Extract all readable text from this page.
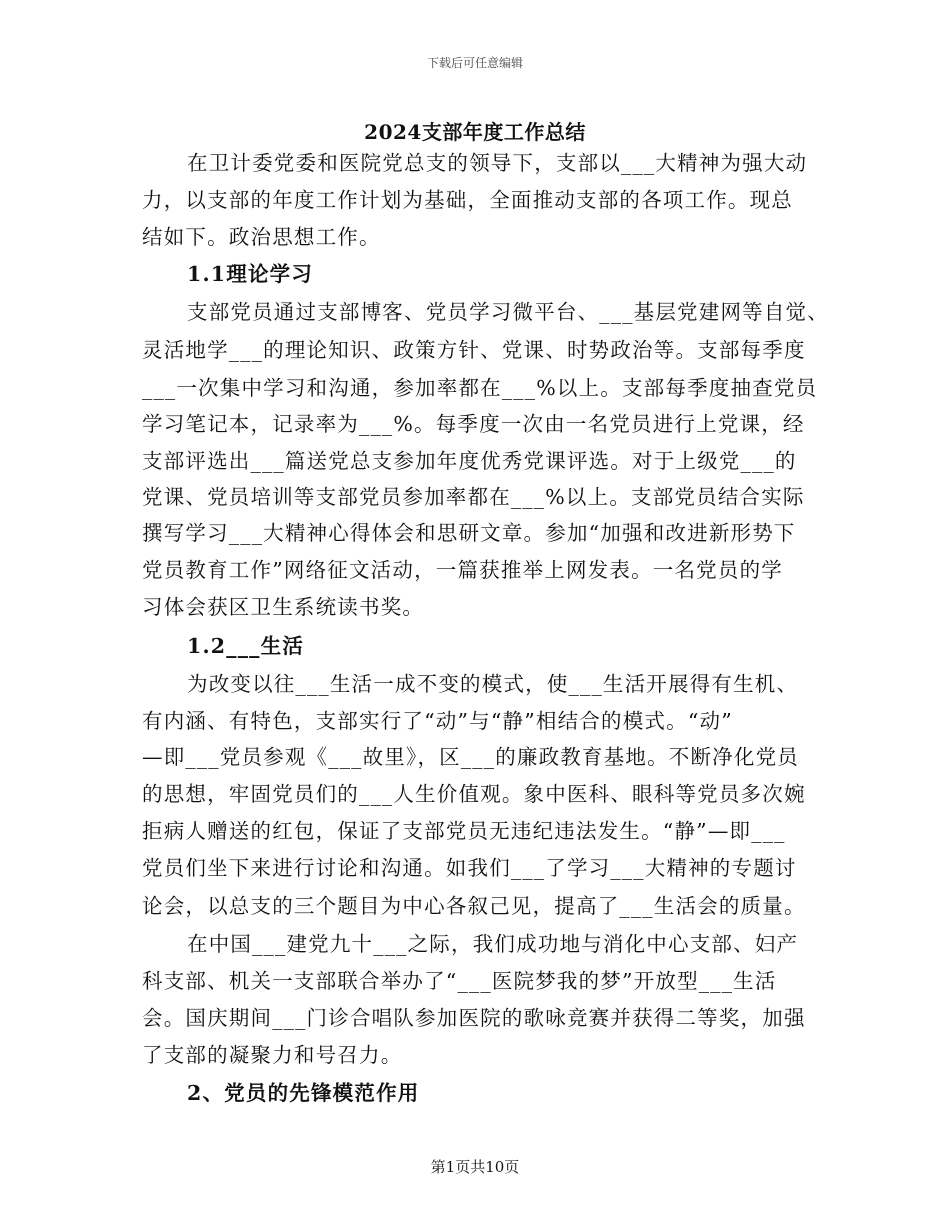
下载后可任意编辑
2024支部年度工作总结
在卫计委党委和医院党总支的领导下，支部以___大精神为强大动
力，以支部的年度工作计划为基础，全面推动支部的各项工作。现总
结如下。政治思想工作。
1.1理论学习
支部党员通过支部博客、党员学习微平台、___基层党建网等自觉、
灵活地学___的理论知识、政策方针、党课、时势政治等。支部每季度
___一次集中学习和沟通，参加率都在___%以上。支部每季度抽查党员
学习笔记本，记录率为___%。每季度一次由一名党员进行上党课，经
支部评选出___篇送党总支参加年度优秀党课评选。对于上级党___的
党课、党员培训等支部党员参加率都在___%以上。支部党员结合实际
撰写学习___大精神心得体会和思研文章。参加“加强和改进新形势下
党员教育工作”网络征文活动，一篇获推举上网发表。一名党员的学
习体会获区卫生系统读书奖。
1.2___生活
为改变以往___生活一成不变的模式，使___生活开展得有生机、
有内涵、有特色，支部实行了“动”与“静”相结合的模式。“动”
—即___党员参观《___故里》，区___的廉政教育基地。不断净化党员
的思想，牢固党员们的___人生价值观。象中医科、眼科等党员多次婉
拒病人赠送的红包，保证了支部党员无违纪违法发生。“静”—即___
党员们坐下来进行讨论和沟通。如我们___了学习___大精神的专题讨
论会，以总支的三个题目为中心各叙己见，提高了___生活会的质量。
在中国___建党九十___之际，我们成功地与消化中心支部、妇产
科支部、机关一支部联合举办了“___医院梦我的梦”开放型___生活
会。国庆期间___门诊合唱队参加医院的歌咏竞赛并获得二等奖，加强
了支部的凝聚力和号召力。
2、党员的先锋模范作用
第1页共10页
